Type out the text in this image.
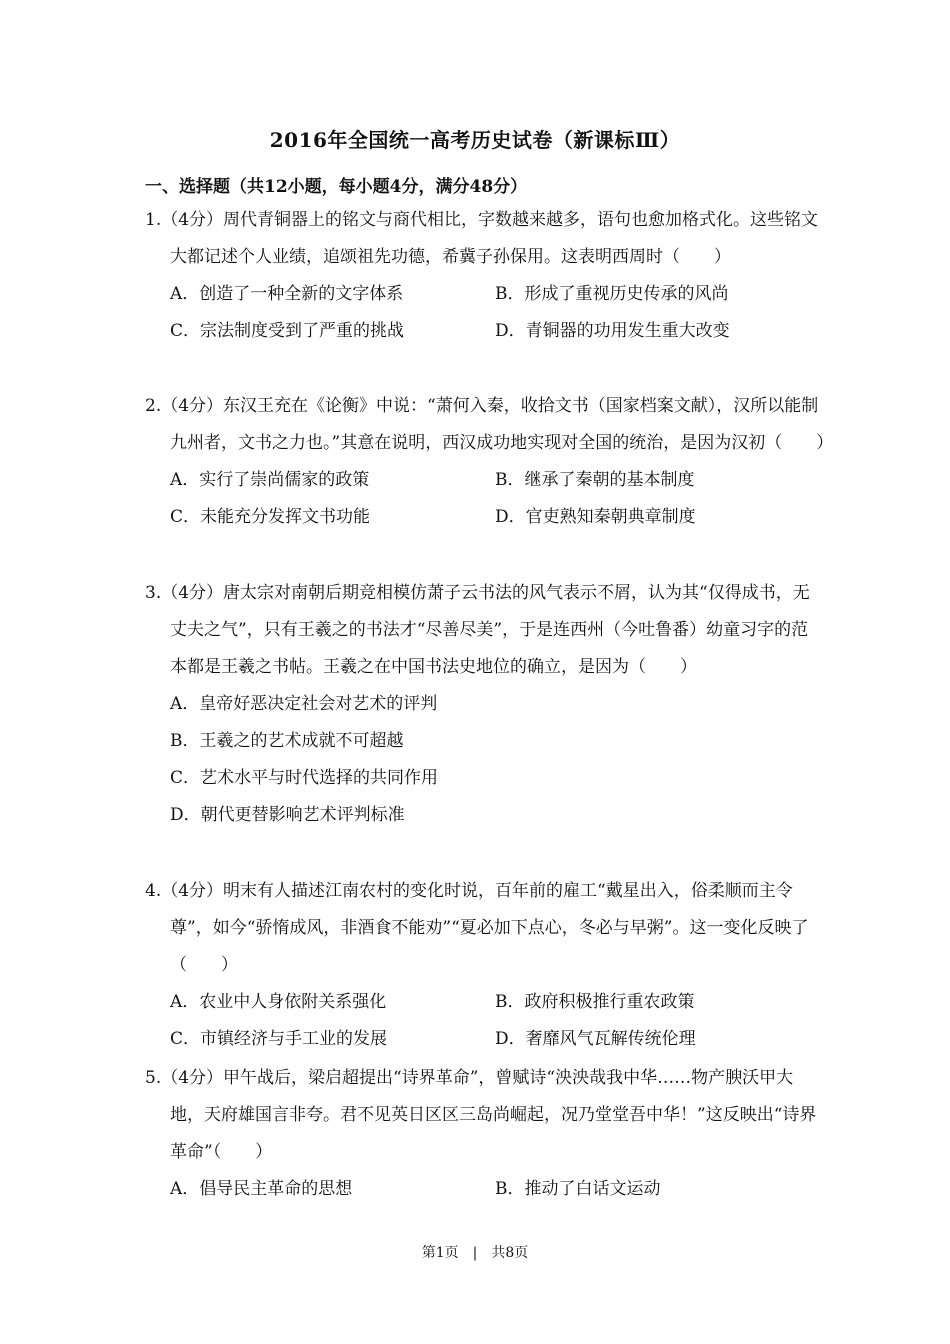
2016年全国统一高考历史试卷（新课标Ⅲ）
一、选择题（共12小题，每小题4分，满分48分）
1.（4分）周代青铜器上的铭文与商代相比，字数越来越多，语句也愈加格式化。这些铭文大都记述个人业绩，追颂祖先功德，希冀子孙保用。这表明西周时（　　）
A．创造了一种全新的文字体系	B．形成了重视历史传承的风尚
C．宗法制度受到了严重的挑战	D．青铜器的功用发生重大改变
2.（4分）东汉王充在《论衡》中说：“萧何入秦，收拾文书（国家档案文献），汉所以能制九州者，文书之力也。”其意在说明，西汉成功地实现对全国的统治，是因为汉初（　　）
A．实行了崇尚儒家的政策	B．继承了秦朝的基本制度
C．未能充分发挥文书功能	D．官吏熟知秦朝典章制度
3.（4分）唐太宗对南朝后期竞相模仿萧子云书法的风气表示不屑，认为其“仅得成书，无丈夫之气”，只有王羲之的书法才“尽善尽美”，于是连西州（今吐鲁番）幼童习字的范本都是王羲之书帖。王羲之在中国书法史地位的确立，是因为（　　）
A．皇帝好恶决定社会对艺术的评判
B．王羲之的艺术成就不可超越
C．艺术水平与时代选择的共同作用
D．朝代更替影响艺术评判标准
4.（4分）明末有人描述江南农村的变化时说，百年前的雇工“戴星出入，俗柔顺而主令尊”，如今“骄惰成风，非酒食不能劝”“夏必加下点心，冬必与早粥”。这一变化反映了（　　）
A．农业中人身依附关系强化	B．政府积极推行重农政策
C．市镇经济与手工业的发展	D．奢靡风气瓦解传统伦理
5.（4分）甲午战后，梁启超提出“诗界革命”，曾赋诗“泱泱哉我中华……物产腴沃甲大地，天府雄国言非夸。君不见英日区区三岛尚崛起，况乃堂堂吾中华！”这反映出“诗界革命”（　　）
A．倡导民主革命的思想	B．推动了白话文运动
第1页　|　共8页
